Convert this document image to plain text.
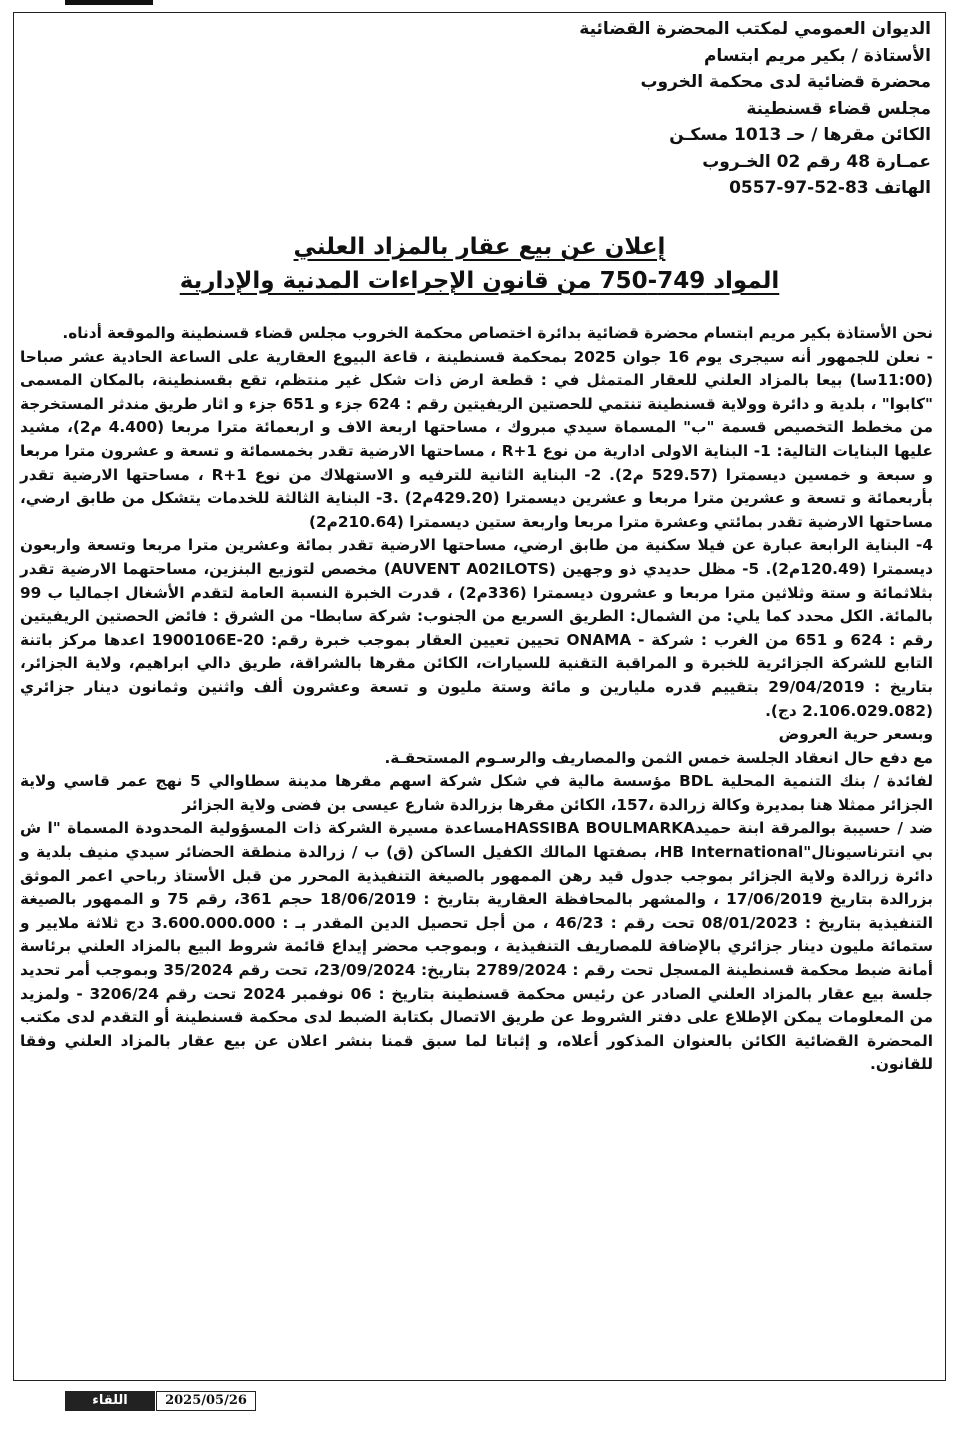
الديوان العمومي لمكتب المحضرة القضائية
الأستاذة / بكير مريم ابتسام
محضرة قضائية لدى محكمة الخروب
مجلس قضاء قسنطينة
الكائن مقرها / حـ 1013 مسكـن
عمـارة 48 رقم 02 الخـروب
الهاتف 83-52-97-0557
إعلان عن بيع عقار بالمزاد العلني
المواد 749-750 من قانون الإجراءات المدنية والإدارية

نحن الأستاذة بكير مريم ابتسام محضرة قضائية بدائرة اختصاص محكمة الخروب مجلس قضاء قسنطينة والموقعة أدناه.

- نعلن للجمهور أنه سيجرى يوم 16 جوان 2025 بمحكمة قسنطينة ، قاعة البيوع العقارية على الساعة الحادية عشر صباحا (11:00سا) بيعا بالمزاد العلني للعقار المتمثل في : قطعة ارض ذات شكل غير منتظم، تقع بقسنطينة، بالمكان المسمى "كابوا" ، بلدية و دائرة وولاية قسنطينة تنتمي للحصتين الريفيتين رقم : 624 جزء و 651 جزء و اثار طريق مندثر المستخرجة من مخطط التخصيص قسمة "ب" المسماة سيدي مبروك ، مساحتها اربعة الاف و اربعمائة مترا مربعا (4.400 م2)، مشيد عليها البنايات التالية: 1- البناية الاولى ادارية من نوع R+1 ، مساحتها الارضية تقدر بخمسمائة و تسعة و عشرون مترا مربعا و سبعة و خمسين ديسمترا (529.57 م2). 2- البناية الثانية للترفيه و الاستهلاك من نوع R+1 ، مساحتها الارضية تقدر بأربعمائة و تسعة و عشرين مترا مربعا و عشرين ديسمترا (429.20م2) .3- البناية الثالثة للخدمات يتشكل من طابق ارضي، مساحتها الارضية تقدر بمائتي وعشرة مترا مربعا واربعة ستين ديسمترا (210.64م2)

4- البناية الرابعة عبارة عن فيلا سكنية من طابق ارضي، مساحتها الارضية تقدر بمائة وعشرين مترا مربعا وتسعة واربعون ديسمترا (120.49م2). 5- مظل حديدي ذو وجهين (AUVENT A02ILOTS) مخصص لتوزيع البنزين، مساحتهما الارضية تقدر بثلاثمائة و ستة وثلاثين مترا مربعا و عشرون ديسمترا (336م2) ، قدرت الخبرة النسبة العامة لتقدم الأشغال اجماليا ب 99 بالمائة. الكل محدد كما يلي: من الشمال: الطريق السريع من الجنوب: شركة سابطا- من الشرق : فائض الحصتين الريفيتين رقم : 624 و 651 من الغرب : شركة - ONAMA تحيين تعيين العقار بموجب خبرة رقم: 20-1900106E اعدها مركز باتنة التابع للشركة الجزائرية للخبرة و المراقبة التقنية للسيارات، الكائن مقرها بالشراقة، طريق دالي ابراهيم، ولاية الجزائر، بتاريخ : 29/04/2019 بتقييم قدره مليارين و مائة وستة مليون و تسعة وعشرون ألف واثنين وثمانون دينار جزائري (2.106.029.082 دج).

وبسعر حرية العروض

مع دفع حال انعقاد الجلسة خمس الثمن والمصاريف والرسـوم المستحقـة.

لفائدة / بنك التنمية المحلية BDL مؤسسة مالية في شكل شركة اسهم مقرها مدينة سطاوالي 5 نهج عمر قاسي ولاية الجزائر ممثلا هنا بمديرة وكالة زرالدة ،157، الكائن مقرها بزرالدة شارع عيسى بن فضى ولاية الجزائر

ضد / حسيبة بوالمرقة ابنة حميدHASSIBA BOULMARKAمساعدة مسيرة الشركة ذات المسؤولية المحدودة المسماة "ا ش بي انترناسيونال"HB International، بصفتها المالك الكفيل الساكن (ق) ب / زرالدة منطقة الحضائر سيدي منيف بلدية و دائرة زرالدة ولاية الجزائر بموجب جدول قيد رهن الممهور بالصيغة التنفيذية المحرر من قبل الأستاذ رباحي اعمر الموثق بزرالدة بتاريخ 17/06/2019 ، والمشهر بالمحافظة العقارية بتاريخ : 18/06/2019 حجم 361، رقم 75 و الممهور بالصيغة التنفيذية بتاريخ : 08/01/2023 تحت رقم : 46/23 ، من أجل تحصيل الدين المقدر بـ : 3.600.000.000 دج ثلاثة ملايير و ستمائة مليون دينار جزائري بالإضافة للمصاريف التنفيذية ، وبموجب محضر إيداع قائمة شروط البيع بالمزاد العلني برئاسة أمانة ضبط محكمة قسنطينة المسجل تحت رقم : 2789/2024 بتاريخ: 23/09/2024، تحت رقم 35/2024 وبموجب أمر تحديد جلسة بيع عقار بالمزاد العلني الصادر عن رئيس محكمة قسنطينة بتاريخ : 06 نوفمبر 2024 تحت رقم 3206/24 - ولمزيد من المعلومات يمكن الإطلاع على دفتر الشروط عن طريق الاتصال بكتابة الضبط لدى محكمة قسنطينة أو التقدم لدى مكتب المحضرة القضائية الكائن بالعنوان المذكور أعلاه، و إثباتا لما سبق قمنا بنشر اعلان عن بيع عقار بالمزاد العلني وفقا للقانون.

2025/05/26
اللقاء
